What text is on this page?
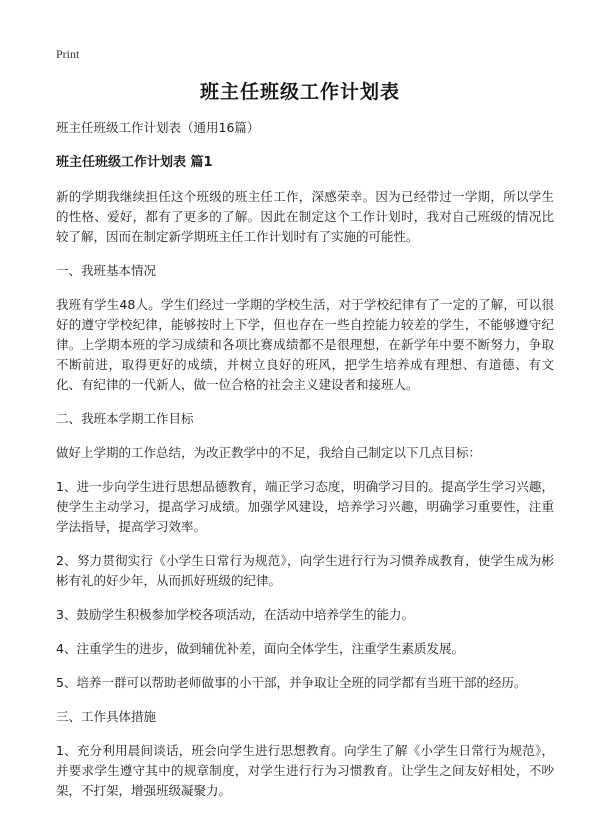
Print
班主任班级工作计划表
班主任班级工作计划表（通用16篇）
班主任班级工作计划表 篇1
新的学期我继续担任这个班级的班主任工作，深感荣幸。因为已经带过一学期，所以学生的性格、爱好，都有了更多的了解。因此在制定这个工作计划时，我对自己班级的情况比较了解，因而在制定新学期班主任工作计划时有了实施的可能性。
一、我班基本情况
我班有学生48人。学生们经过一学期的学校生活，对于学校纪律有了一定的了解，可以很好的遵守学校纪律，能够按时上下学，但也存在一些自控能力较差的学生，不能够遵守纪律。上学期本班的学习成绩和各项比赛成绩都不是很理想，在新学年中要不断努力，争取不断前进，取得更好的成绩，并树立良好的班风，把学生培养成有理想、有道德、有文化、有纪律的一代新人，做一位合格的社会主义建设者和接班人。
二、我班本学期工作目标
做好上学期的工作总结，为改正教学中的不足，我给自己制定以下几点目标：
1、进一步向学生进行思想品德教育，端正学习态度，明确学习目的。提高学生学习兴趣，使学生主动学习，提高学习成绩。加强学风建设，培养学习兴趣，明确学习重要性，注重学法指导，提高学习效率。
2、努力贯彻实行《小学生日常行为规范》，向学生进行行为习惯养成教育，使学生成为彬彬有礼的好少年，从而抓好班级的纪律。
3、鼓励学生积极参加学校各项活动，在活动中培养学生的能力。
4、注重学生的进步，做到辅优补差，面向全体学生，注重学生素质发展。
5、培养一群可以帮助老师做事的小干部，并争取让全班的同学都有当班干部的经历。
三、工作具体措施
1、充分利用晨间谈话，班会向学生进行思想教育。向学生了解《小学生日常行为规范》，并要求学生遵守其中的规章制度，对学生进行行为习惯教育。让学生之间友好相处，不吵架，不打架，增强班级凝聚力。
